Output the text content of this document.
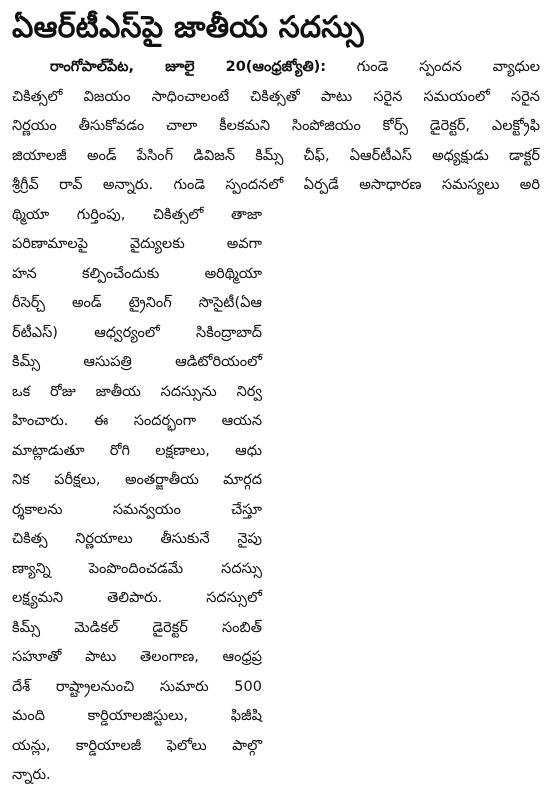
ఏఆర్‌టీఎస్‌పై జాతీయ సదస్సు
రాంగోపాల్‌పేట, జూలై 20(ఆంధ్రజ్యోతి): గుండె స్పందన వ్యాధుల
చికిత్సలో విజయం సాధించాలంటే చికిత్సతో పాటు సరైన సమయంలో సరైన
నిర్ణయం తీసుకోవడం చాలా కీలకమని సింపోజియం కోర్స్ డైరెక్టర్, ఎలక్ట్రోఫి
జియాలజీ అండ్ పేసింగ్ డివిజన్ కిమ్స్ చీఫ్, ఏఆర్‌టీఎస్ అధ్యక్షుడు డాక్టర్
శ్రీగ్రీవ్ రావ్ అన్నారు. గుండె స్పందనలో ఏర్పడే అసాధారణ సమస్యలు అరి
థ్మియా గుర్తింపు, చికిత్సలో తాజా
పరిణామాలపై వైద్యులకు అవగా
హన కల్పించేందుకు అరిథ్మియా
రీసెర్చ్ అండ్ ట్రైనింగ్ సొసైటీ(ఏఆ
ర్‌టీఎస్) ఆధ్వర్యంలో సికింద్రాబాద్
కిమ్స్ ఆసుపత్రి ఆడిటోరియంలో
ఒక రోజు జాతీయ సదస్సును నిర్వ
హించారు. ఈ సందర్భంగా ఆయన
మాట్లాడుతూ రోగి లక్షణాలు, ఆధు
నిక పరీక్షలు, అంతర్జాతీయ మార్గద
ర్శకాలను సమన్వయం చేస్తూ
చికిత్స నిర్ణయాలు తీసుకునే నైపు
ణ్యాన్ని పెంపొందించడమే సదస్సు
లక్ష్యమని తెలిపారు. సదస్సులో
కిమ్స్ మెడికల్ డైరెక్టర్ సంబిత్
సహూతో పాటు తెలంగాణ, ఆంధ్రప్ర
దేశ్ రాష్ట్రాలనుంచి సుమారు 500
మంది కార్డియాలజిస్టులు, ఫిజీషి
యన్లు, కార్డియాలజీ ఫెలోలు పాల్గొ
న్నారు.
